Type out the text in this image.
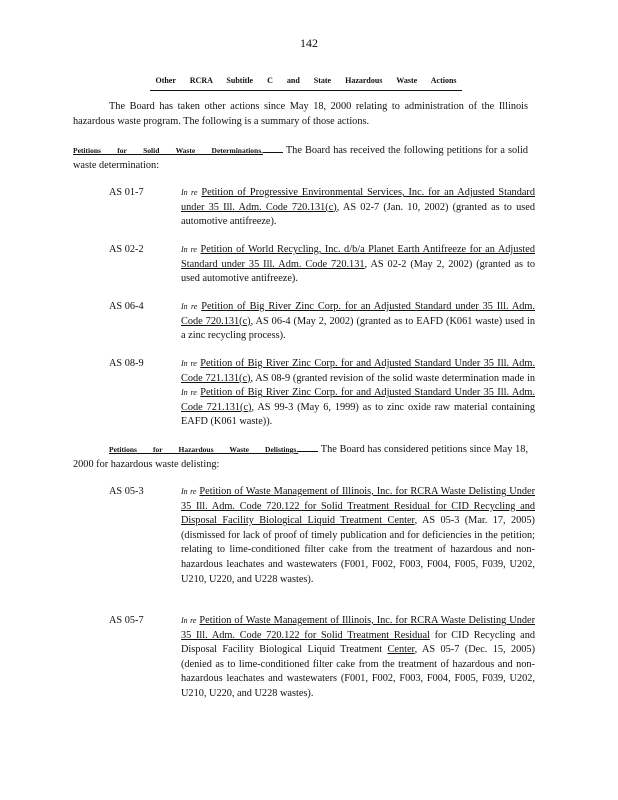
142
Other RCRA Subtitle C and State Hazardous Waste Actions
The Board has taken other actions since May 18, 2000 relating to administration of the Illinois hazardous waste program. The following is a summary of those actions.
Petitions for Solid Waste Determinations. The Board has received the following petitions for a solid waste determination:
AS 01-7	In re Petition of Progressive Environmental Services, Inc. for an Adjusted Standard under 35 Ill. Adm. Code 720.131(c), AS 02-7 (Jan. 10, 2002) (granted as to used automotive antifreeze).
AS 02-2	In re Petition of World Recycling, Inc. d/b/a Planet Earth Antifreeze for an Adjusted Standard under 35 Ill. Adm. Code 720.131, AS 02-2 (May 2, 2002) (granted as to used automotive antifreeze).
AS 06-4	In re Petition of Big River Zinc Corp. for an Adjusted Standard under 35 Ill. Adm. Code 720.131(c), AS 06-4 (May 2, 2002) (granted as to EAFD (K061 waste) used in a zinc recycling process).
AS 08-9	In re Petition of Big River Zinc Corp. for and Adjusted Standard Under 35 Ill. Adm. Code 721.131(c), AS 08-9 (granted revision of the solid waste determination made in In re Petition of Big River Zinc Corp. for and Adjusted Standard Under 35 Ill. Adm. Code 721.131(c), AS 99-3 (May 6, 1999) as to zinc oxide raw material containing EAFD (K061 waste)).
Petitions for Hazardous Waste Delistings. The Board has considered petitions since May 18, 2000 for hazardous waste delisting:
AS 05-3	In re Petition of Waste Management of Illinois, Inc. for RCRA Waste Delisting Under 35 Ill. Adm. Code 720.122 for Solid Treatment Residual for CID Recycling and Disposal Facility Biological Liquid Treatment Center, AS 05-3 (Mar. 17, 2005) (dismissed for lack of proof of timely publication and for deficiencies in the petition; relating to lime-conditioned filter cake from the treatment of hazardous and non-hazardous leachates and wastewaters (F001, F002, F003, F004, F005, F039, U202, U210, U220, and U228 wastes).
AS 05-7	In re Petition of Waste Management of Illinois, Inc. for RCRA Waste Delisting Under 35 Ill. Adm. Code 720.122 for Solid Treatment Residual for CID Recycling and Disposal Facility Biological Liquid Treatment Center, AS 05-7 (Dec. 15, 2005) (denied as to lime-conditioned filter cake from the treatment of hazardous and non-hazardous leachates and wastewaters (F001, F002, F003, F004, F005, F039, U202, U210, U220, and U228 wastes).
